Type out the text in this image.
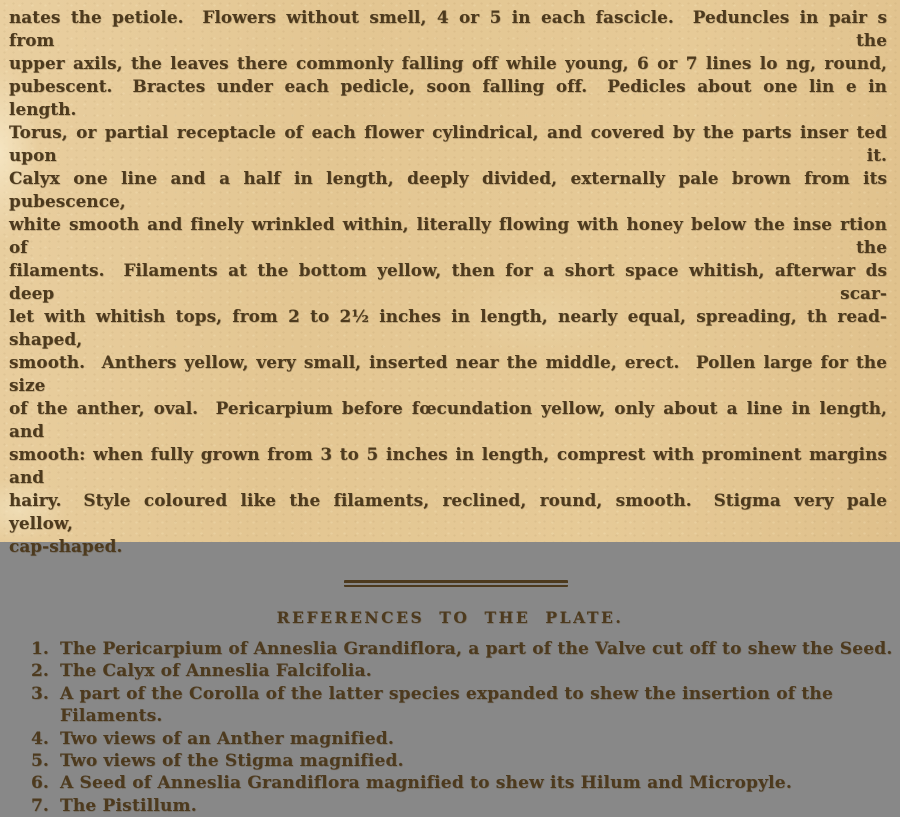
nates the petiole.  Flowers without smell, 4 or 5 in each fascicle.  Peduncles in pair s from the
upper axils, the leaves there commonly falling off while young, 6 or 7 lines lo ng, round,
pubescent.  Bractes under each pedicle, soon falling off.  Pedicles about one lin e in length.
Torus, or partial receptacle of each flower cylindrical, and covered by the parts inser ted upon it.
Calyx one line and a half in length, deeply divided, externally pale brown from its pubescence,
white smooth and finely wrinkled within, literally flowing with honey below the inse rtion of the
filaments.  Filaments at the bottom yellow, then for a short space whitish, afterwar ds deep scar-
let with whitish tops, from 2 to 2½ inches in length, nearly equal, spreading, th read-shaped,
smooth.  Anthers yellow, very small, inserted near the middle, erect.  Pollen large for the size
of the anther, oval.  Pericarpium before fœcundation yellow, only about a line in length, and
smooth: when fully grown from 3 to 5 inches in length, comprest with prominent margins and
hairy.  Style coloured like the filaments, reclined, round, smooth.  Stigma very pale yellow,
cap-shaped.
REFERENCES TO THE PLATE.
1. The Pericarpium of Anneslia Grandiflora, a part of the Valve cut off to shew the Seed.
2. The Calyx of Anneslia Falcifolia.
3. A part of the Corolla of the latter species expanded to shew the insertion of the Filaments.
4. Two views of an Anther magnified.
5. Two views of the Stigma magnified.
6. A Seed of Anneslia Grandiflora magnified to shew its Hilum and Micropyle.
7. The Pistillum.
